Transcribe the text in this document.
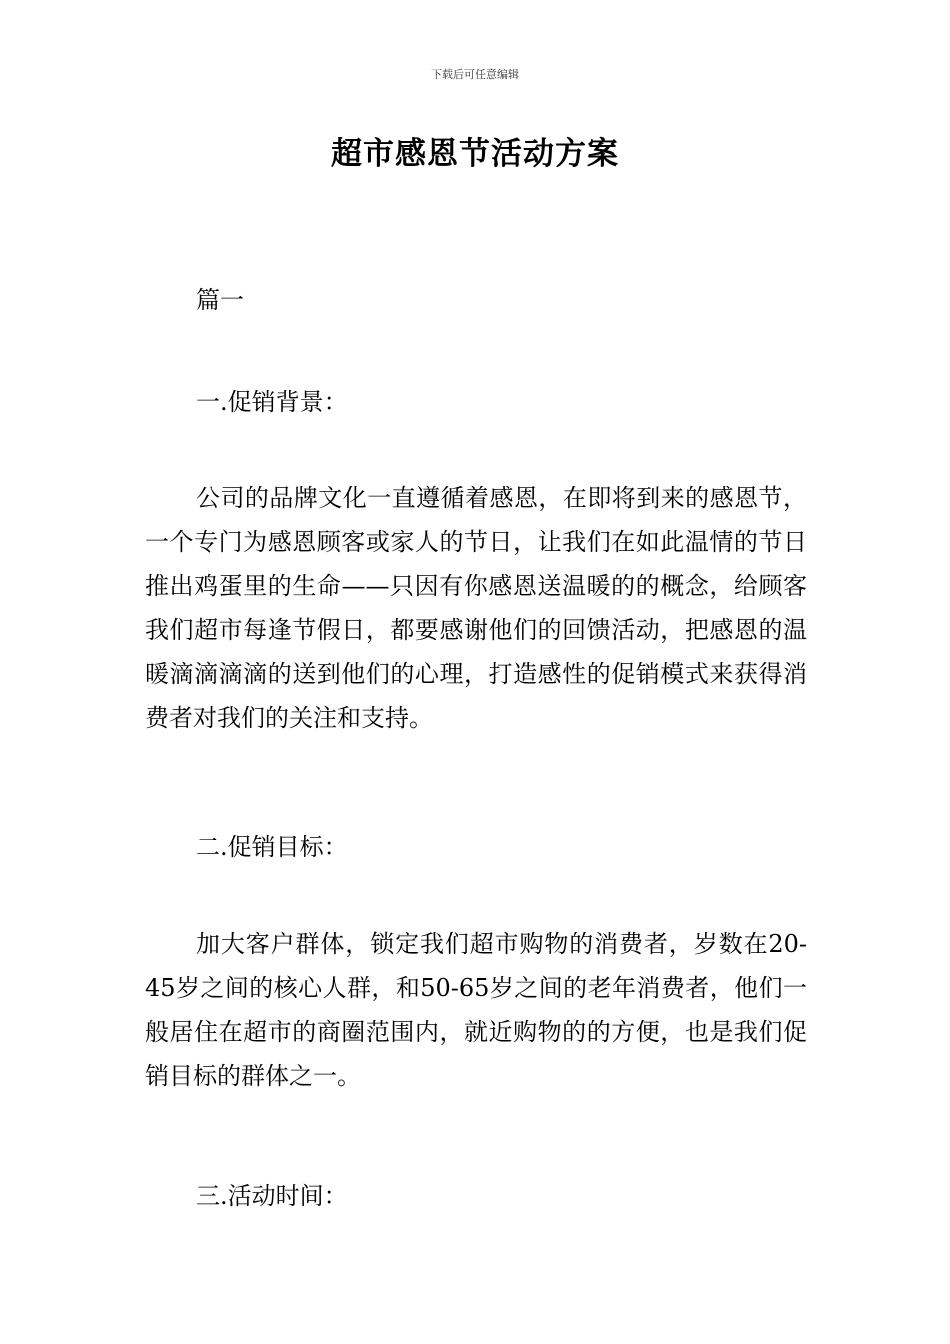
下载后可任意编辑
超市感恩节活动方案

篇一

一.促销背景：

公司的品牌文化一直遵循着感恩，在即将到来的感恩节，一个专门为感恩顾客或家人的节日，让我们在如此温情的节日推出鸡蛋里的生命——只因有你感恩送温暖的的概念，给顾客我们超市每逢节假日，都要感谢他们的回馈活动，把感恩的温暖滴滴滴滴的送到他们的心理，打造感性的促销模式来获得消费者对我们的关注和支持。

二.促销目标：

加大客户群体，锁定我们超市购物的消费者，岁数在20-45岁之间的核心人群，和50-65岁之间的老年消费者，他们一般居住在超市的商圈范围内，就近购物的的方便，也是我们促销目标的群体之一。

三.活动时间：
